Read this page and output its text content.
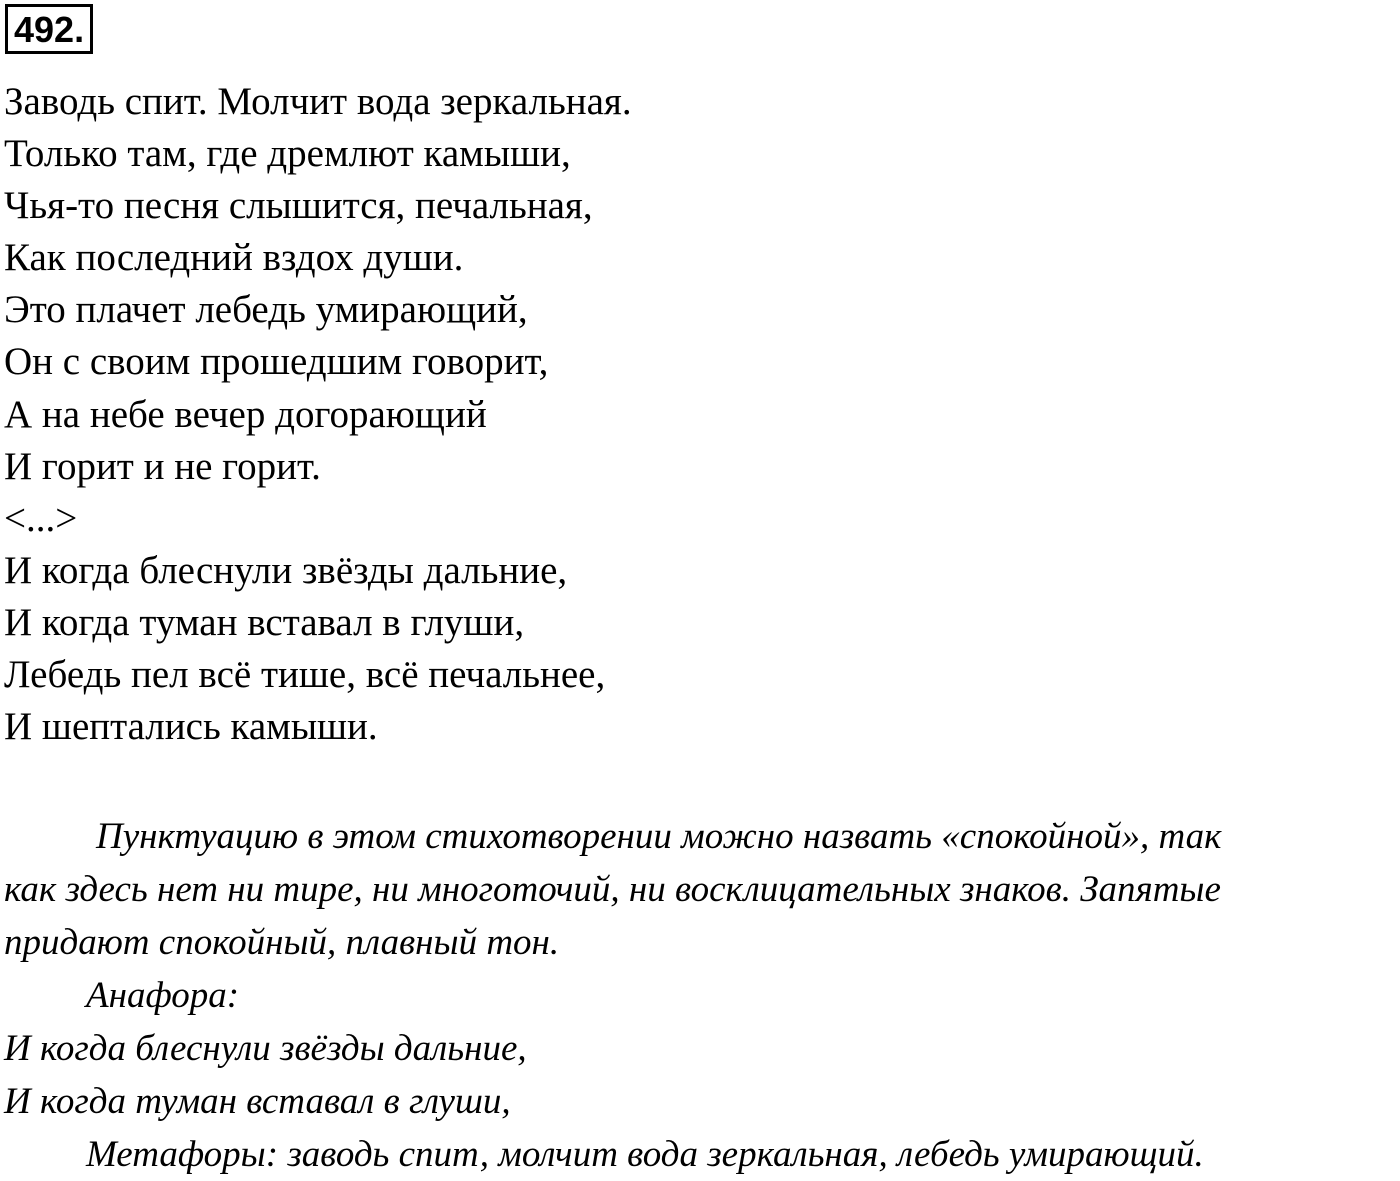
492.
Заводь спит. Молчит вода зеркальная.
Только там, где дремлют камыши,
Чья-то песня слышится, печальная,
Как последний вздох души.
Это плачет лебедь умирающий,
Он с своим прошедшим говорит,
А на небе вечер догорающий
И горит и не горит.
<...>
И когда блеснули звёзды дальние,
И когда туман вставал в глуши,
Лебедь пел всё тише, всё печальнее,
И шептались камыши.
Пунктуацию в этом стихотворении можно назвать «спокойной», так
как здесь нет ни тире, ни многоточий, ни восклицательных знаков. Запятые
придают спокойный, плавный тон.
Анафора:
И когда блеснули звёзды дальние,
И когда туман вставал в глуши,
Метафоры: заводь спит, молчит вода зеркальная, лебедь умирающий.
